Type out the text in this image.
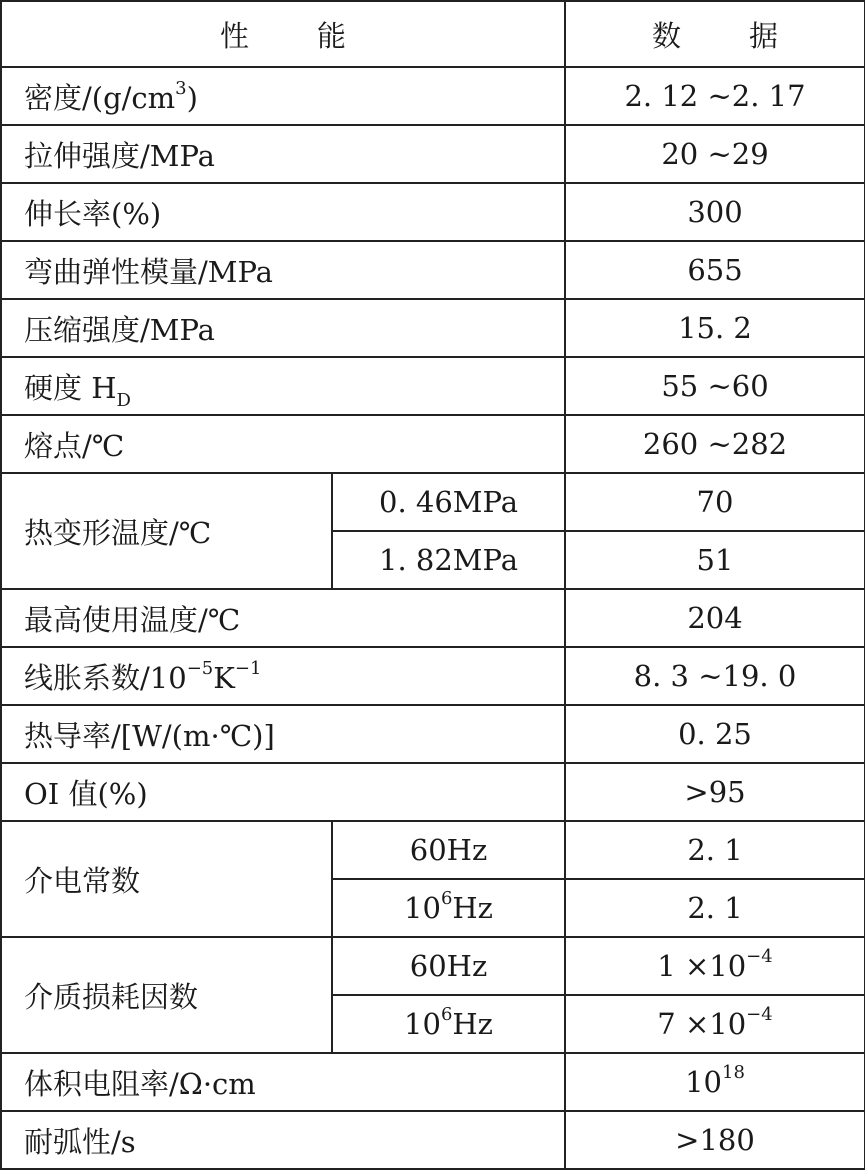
性 能		数 据
密度$/(g/cm^3)$		2. 12 ~2. 17
拉伸强度/MPa		20 ~29
伸长率(%)		300
弯曲弹性模量/MPa		655
压缩强度/MPa		15. 2
硬度 $H_D$		55 ~60
熔点/℃		260 ~282
热变形温度/℃	0. 46MPa	70
	1. 82MPa	51
最高使用温度/℃		204
线胀系数$/10^{-5}K^{-1}$		8. 3 ~19. 0
热导率/[W/(m·℃)]		0. 25
OI 值(%)		>95
介电常数	60Hz	2. 1
	$10^6Hz$	2. 1
介质损耗因数	60Hz	$1 \times 10^{-4}$
	$10^6Hz$	$7 \times 10^{-4}$
体积电阻率/Ω·cm		$10^{18}$
耐弧性/s		>180
